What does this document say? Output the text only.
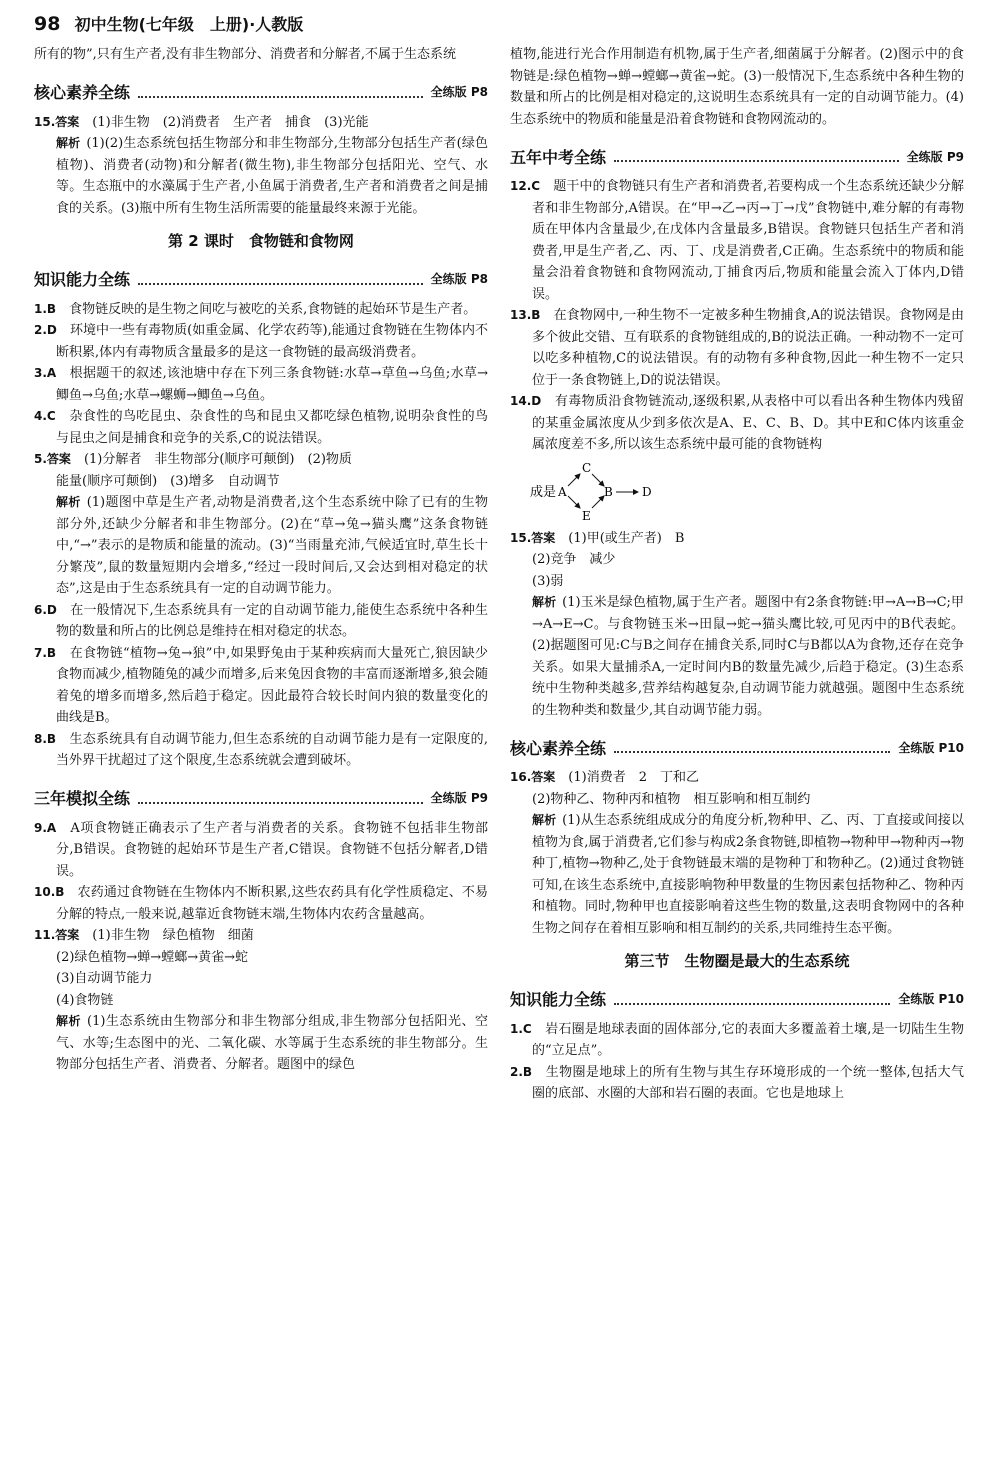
98 初中生物(七年级　上册)·人教版
所有的物”,只有生产者,没有非生物部分、消费者和分解者,不属于生态系统
核心素养全练	全练版 P8
15.答案　 (1)非生物　(2)消费者　生产者　捕食　(3)光能
解析 (1)(2)生态系统包括生物部分和非生物部分,生物部分包括生产者(绿色植物)、消费者(动物)和分解者(微生物),非生物部分包括阳光、空气、水等。生态瓶中的水藻属于生产者,小鱼属于消费者,生产者和消费者之间是捕食的关系。(3)瓶中所有生物生活所需要的能量最终来源于光能。
第 2 课时　食物链和食物网
知识能力全练	全练版 P8
1.B　 食物链反映的是生物之间吃与被吃的关系,食物链的起始环节是生产者。
2.D　 环境中一些有毒物质(如重金属、化学农药等),能通过食物链在生物体内不断积累,体内有毒物质含量最多的是这一食物链的最高级消费者。
3.A　 根据题干的叙述,该池塘中存在下列三条食物链:水草→草鱼→乌鱼;水草→鲫鱼→乌鱼;水草→螺蛳→鲫鱼→乌鱼。
4.C　 杂食性的鸟吃昆虫、杂食性的鸟和昆虫又都吃绿色植物,说明杂食性的鸟与昆虫之间是捕食和竞争的关系,C的说法错误。
5.答案　 (1)分解者　非生物部分(顺序可颠倒)　(2)物质
能量(顺序可颠倒)　(3)增多　自动调节
解析 (1)题图中草是生产者,动物是消费者,这个生态系统中除了已有的生物部分外,还缺少分解者和非生物部分。(2)在“草→兔→猫头鹰”这条食物链中,“→”表示的是物质和能量的流动。(3)“当雨量充沛,气候适宜时,草生长十分繁茂”,鼠的数量短期内会增多,“经过一段时间后,又会达到相对稳定的状态”,这是由于生态系统具有一定的自动调节能力。
6.D　 在一般情况下,生态系统具有一定的自动调节能力,能使生态系统中各种生物的数量和所占的比例总是维持在相对稳定的状态。
7.B　 在食物链“植物→兔→狼”中,如果野兔由于某种疾病而大量死亡,狼因缺少食物而减少,植物随兔的减少而增多,后来兔因食物的丰富而逐渐增多,狼会随着兔的增多而增多,然后趋于稳定。因此最符合较长时间内狼的数量变化的曲线是B。
8.B　 生态系统具有自动调节能力,但生态系统的自动调节能力是有一定限度的,当外界干扰超过了这个限度,生态系统就会遭到破坏。
三年模拟全练	全练版 P9
9.A　 A项食物链正确表示了生产者与消费者的关系。食物链不包括非生物部分,B错误。食物链的起始环节是生产者,C错误。食物链不包括分解者,D错误。
10.B　 农药通过食物链在生物体内不断积累,这些农药具有化学性质稳定、不易分解的特点,一般来说,越靠近食物链末端,生物体内农药含量越高。
11.答案　 (1)非生物　绿色植物　细菌
(2)绿色植物→蝉→螳螂→黄雀→蛇
(3)自动调节能力
(4)食物链
解析 (1)生态系统由生物部分和非生物部分组成,非生物部分包括阳光、空气、水等;生态图中的光、二氧化碳、水等属于生态系统的非生物部分。生物部分包括生产者、消费者、分解者。题图中的绿色
植物,能进行光合作用制造有机物,属于生产者,细菌属于分解者。(2)图示中的食物链是:绿色植物→蝉→螳螂→黄雀→蛇。(3)一般情况下,生态系统中各种生物的数量和所占的比例是相对稳定的,这说明生态系统具有一定的自动调节能力。(4)生态系统中的物质和能量是沿着食物链和食物网流动的。
五年中考全练	全练版 P9
12.C　 题干中的食物链只有生产者和消费者,若要构成一个生态系统还缺少分解者和非生物部分,A错误。在“甲→乙→丙→丁→戊”食物链中,难分解的有毒物质在甲体内含量最少,在戊体内含量最多,B错误。食物链只包括生产者和消费者,甲是生产者,乙、丙、丁、戊是消费者,C正确。生态系统中的物质和能量会沿着食物链和食物网流动,丁捕食丙后,物质和能量会流入丁体内,D错误。
13.B　 在食物网中,一种生物不一定被多种生物捕食,A的说法错误。食物网是由多个彼此交错、互有联系的食物链组成的,B的说法正确。一种动物不一定可以吃多种植物,C的说法错误。有的动物有多种食物,因此一种生物不一定只位于一条食物链上,D的说法错误。
14.D　 有毒物质沿食物链流动,逐级积累,从表格中可以看出各种生物体内残留的某重金属浓度从少到多依次是A、E、C、B、D。其中E和C体内该重金属浓度差不多,所以该生态系统中最可能的食物链构
成是 A
C
E
B D
15.答案　 (1)甲(或生产者)　B
(2)竞争　减少
(3)弱
解析 (1)玉米是绿色植物,属于生产者。题图中有2条食物链:甲→A→B→C;甲→A→E→C。与食物链玉米→田鼠→蛇→猫头鹰比较,可见丙中的B代表蛇。(2)据题图可见:C与B之间存在捕食关系,同时C与B都以A为食物,还存在竞争关系。如果大量捕杀A,一定时间内B的数量先减少,后趋于稳定。(3)生态系统中生物种类越多,营养结构越复杂,自动调节能力就越强。题图中生态系统的生物种类和数量少,其自动调节能力弱。
核心素养全练	全练版 P10
16.答案　 (1)消费者　2　丁和乙
(2)物种乙、物种丙和植物　相互影响和相互制约
解析 (1)从生态系统组成成分的角度分析,物种甲、乙、丙、丁直接或间接以植物为食,属于消费者,它们参与构成2条食物链,即植物→物种甲→物种丙→物种丁,植物→物种乙,处于食物链最末端的是物种丁和物种乙。(2)通过食物链可知,在该生态系统中,直接影响物种甲数量的生物因素包括物种乙、物种丙和植物。同时,物种甲也直接影响着这些生物的数量,这表明食物网中的各种生物之间存在着相互影响和相互制约的关系,共同维持生态平衡。
第三节　生物圈是最大的生态系统
知识能力全练	全练版 P10
1.C　 岩石圈是地球表面的固体部分,它的表面大多覆盖着土壤,是一切陆生生物的“立足点”。
2.B　 生物圈是地球上的所有生物与其生存环境形成的一个统一整体,包括大气圈的底部、水圈的大部和岩石圈的表面。它也是地球上
